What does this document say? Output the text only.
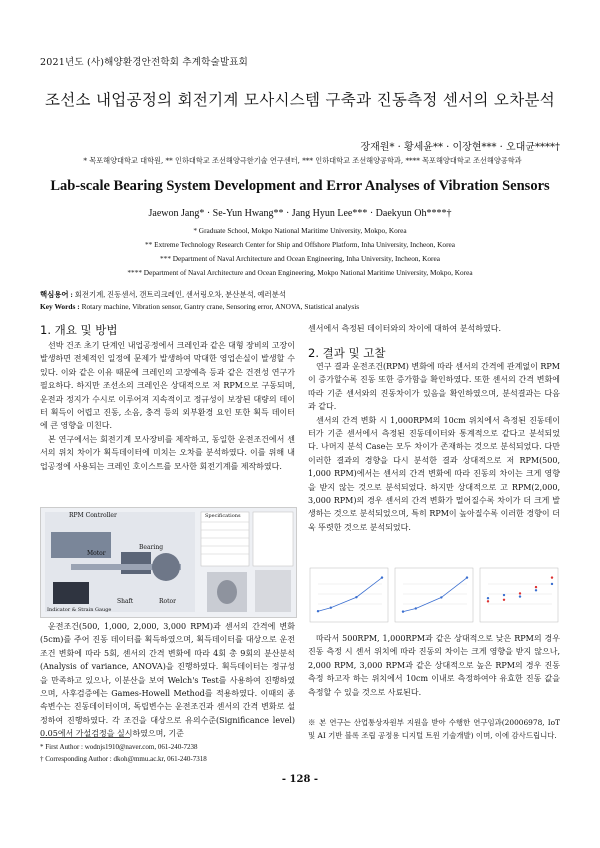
2021년도 (사)해양환경안전학회 추계학술발표회
조선소 내업공정의 회전기계 모사시스템 구축과 진동측정 센서의 오차분석
장재원* · 황세윤** · 이장현*** · 오대균****†
* 목포해양대학교 대학원, ** 인하대학교 조선해양극한기술 연구센터, *** 인하대학교 조선해양공학과, **** 목포해양대학교 조선해양공학과
Lab-scale Bearing System Development and Error Analyses of Vibration Sensors
Jaewon Jang* · Se-Yun Hwang** · Jang Hyun Lee*** · Daekyun Oh****†
* Graduate School, Mokpo National Maritime University, Mokpo, Korea
** Extreme Technology Research Center for Ship and Offshore Platform, Inha University, Incheon, Korea
*** Department of Naval Architecture and Ocean Engineering, Inha University, Incheon, Korea
**** Department of Naval Architecture and Ocean Engineering, Mokpo National Maritime University, Mokpo, Korea
핵심용어 : 회전기계, 진동센서, 갠트리크레인, 센서링오차, 분산분석, 예러분석
Key Words : Rotary machine, Vibration sensor, Gantry crane, Sensoring error, ANOVA, Statistical analysis
1. 개요 및 방법

선박 건조 초기 단계인 내업공정에서 크레인과 같은 대형 장비의 고장이 발생하면 전체적인 일정에 문제가 발생하여 막대한 영업손실이 발생할 수 있다. 이와 같은 이유 때문에 크레인의 고장예측 등과 같은 건전성 연구가 필요하다. 하지만 조선소의 크레인은 상대적으로 저 RPM으로 구동되며, 운전과 정지가 수시로 이루어져 지속적이고 정규성이 보장된 대량의 데이터 획득이 어렵고 진동, 소음, 충격 등의 외부환경 요인 또한 획득 데이터에 큰 영향을 미친다.

본 연구에서는 회전기계 모사장비를 제작하고, 동일한 운전조건에서 센서의 위치 차이가 획득데이터에 미치는 오차를 분석하였다. 이를 위해 내업공정에 사용되는 크레인 호이스트를 모사한 회전기계를 제작하였다.

RPM Controller
Bearing
Motor
Shaft	Rotor
Indicator & Strain Gauge
Specifications

운전조건(500, 1,000, 2,000, 3,000 RPM)과 센서의 간격에 변화(5cm)를 주어 진동 데이터를 획득하였으며, 획득데이터를 대상으로 운전조건 변화에 따라 5회, 센서의 간격 변화에 따라 4회 총 9회의 분산분석(Analysis of variance, ANOVA)을 진행하였다. 획득데이터는 정규성을 만족하고 있으나, 이분산을 보여 Welch's Test를 사용하여 진행하였으며, 사후검증에는 Games-Howell Method를 적용하였다. 이때의 종속변수는 진동데이터이며, 독립변수는 운전조건과 센서의 간격 변화로 설정하여 진행하였다. 각 조건을 대상으로 유의수준(Significance level) 0.05에서 가설검정을 실시하였으며, 기준

* First Author : wodnjs1910@naver.com, 061-240-7238
† Corresponding Author : dkoh@mmu.ac.kr, 061-240-7318

센서에서 측정된 데이터와의 차이에 대하여 분석하였다.

2. 결과 및 고찰

연구 결과 운전조건(RPM) 변화에 따라 센서의 간격에 관계없이 RPM이 증가할수록 진동 또한 증가함을 확인하였다. 또한 센서의 간격 변화에 따라 기준 센서와의 진동차이가 있음을 확인하였으며, 분석결과는 다음과 같다.

센서의 간격 변화 시 1,000RPM의 10cm 위치에서 측정된 진동데이터가 기준 센서에서 측정된 진동데이터와 통계적으로 같다고 분석되었다. 나머지 분석 Case는 모두 차이가 존재하는 것으로 분석되었다. 다만 이러한 결과의 경향을 다시 분석한 결과 상대적으로 저 RPM(500, 1,000 RPM)에서는 센서의 간격 변화에 따라 진동의 차이는 크게 영향을 받지 않는 것으로 분석되었다. 하지만 상대적으로 고 RPM(2,000, 3,000 RPM)의 경우 센서의 간격 변화가 멀어질수록 차이가 더 크게 발생하는 것으로 분석되었으며, 특히 RPM이 높아질수록 이러한 경향이 더욱 뚜렷한 것으로 분석되었다.

따라서 500RPM, 1,000RPM과 같은 상대적으로 낮은 RPM의 경우 진동 측정 시 센서 위치에 따라 진동의 차이는 크게 영향을 받지 않으나, 2,000 RPM, 3,000 RPM과 같은 상대적으로 높은 RPM의 경우 진동 측정 하고자 하는 위치에서 10cm 이내로 측정하여야 유효한 진동 값을 측정할 수 있을 것으로 사료된다.

※ 본 연구는 산업통상자원부 지원을 받아 수행한 연구임과(20006978, IoT 및 AI 기반 블록 조립 공정용 디지털 트윈 기술개발) 이며, 이에 감사드립니다.

- 128 -
